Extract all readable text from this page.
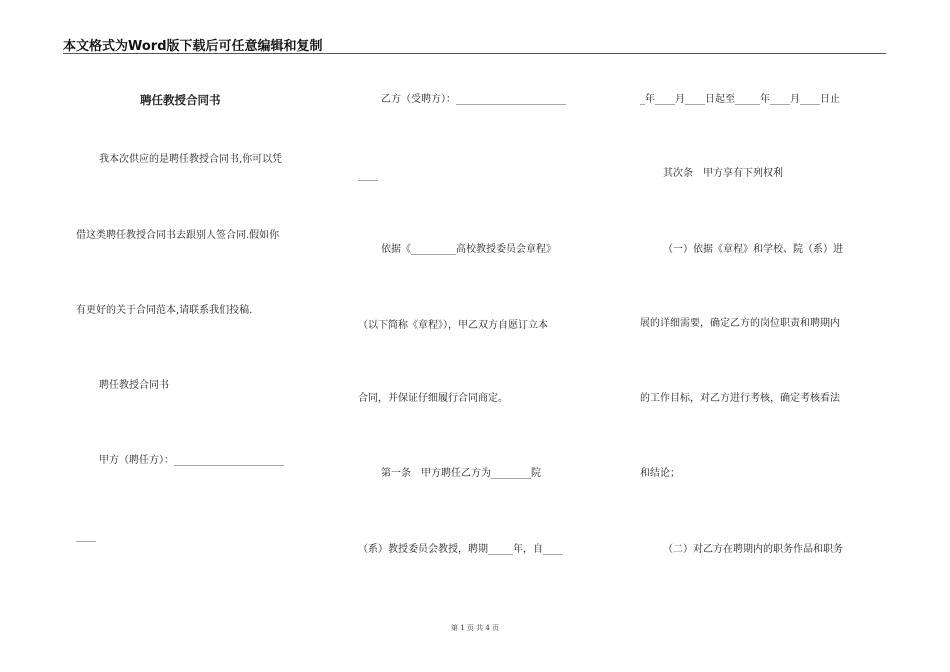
本文格式为Word版下载后可任意编辑和复制
聘任教授合同书
我本次供应的是聘任教授合同书,你可以凭
借这类聘任教授合同书去跟别人签合同.假如你
有更好的关于合同范本,请联系我们投稿.
聘任教授合同书
甲方（聘任方）：______________________
____
乙方（受聘方）：______________________
____
依据《_________高校教授委员会章程》
（以下简称《章程》），甲乙双方自愿订立本
合同，并保证仔细履行合同商定。
第一条　甲方聘任乙方为________院
（系）教授委员会教授，聘期_____年，自____
_年____月____日起至_____年____月____日止
其次条　甲方享有下列权利
（一）依据《章程》和学校、院（系）进
展的详细需要，确定乙方的岗位职责和聘期内
的工作目标，对乙方进行考核，确定考核看法
和结论；
（二）对乙方在聘期内的职务作品和职务
第 1 页 共 4 页
